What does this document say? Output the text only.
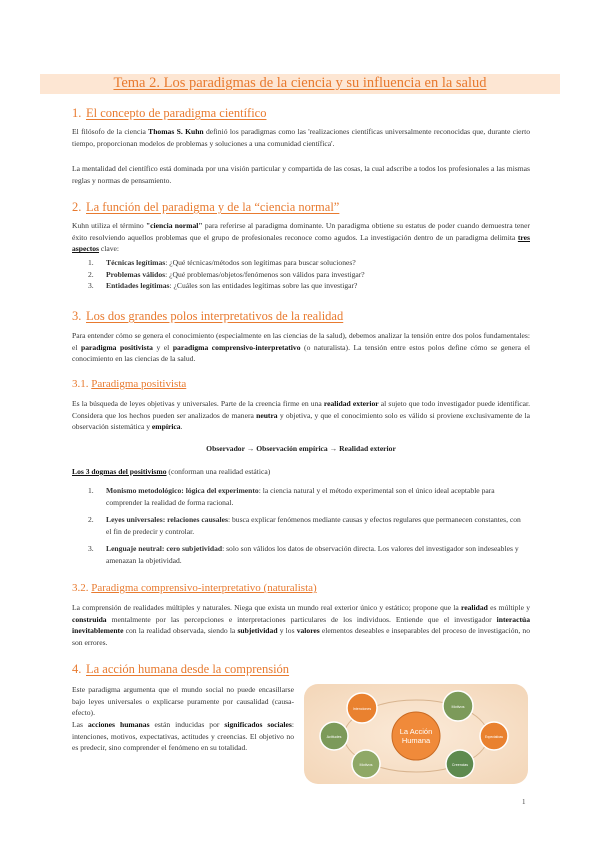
Tema 2. Los paradigmas de la ciencia y su influencia en la salud
1. El concepto de paradigma científico
El filósofo de la ciencia Thomas S. Kuhn definió los paradigmas como las 'realizaciones científicas universalmente reconocidas que, durante cierto tiempo, proporcionan modelos de problemas y soluciones a una comunidad científica'.
La mentalidad del científico está dominada por una visión particular y compartida de las cosas, la cual adscribe a todos los profesionales a las mismas reglas y normas de pensamiento.
2. La función del paradigma y de la “ciencia normal”
Kuhn utiliza el término "ciencia normal" para referirse al paradigma dominante. Un paradigma obtiene su estatus de poder cuando demuestra tener éxito resolviendo aquellos problemas que el grupo de profesionales reconoce como agudos. La investigación dentro de un paradigma delimita tres aspectos clave:
1. Técnicas legítimas: ¿Qué técnicas/métodos son legítimas para buscar soluciones?
2. Problemas válidos: ¿Qué problemas/objetos/fenómenos son válidos para investigar?
3. Entidades legítimas: ¿Cuáles son las entidades legítimas sobre las que investigar?
3. Los dos grandes polos interpretativos de la realidad
Para entender cómo se genera el conocimiento (especialmente en las ciencias de la salud), debemos analizar la tensión entre dos polos fundamentales: el paradigma positivista y el paradigma comprensivo-interpretativo (o naturalista). La tensión entre estos polos define cómo se genera el conocimiento en las ciencias de la salud.
3.1. Paradigma positivista
Es la búsqueda de leyes objetivas y universales. Parte de la creencia firme en una realidad exterior al sujeto que todo investigador puede identificar. Considera que los hechos pueden ser analizados de manera neutra y objetiva, y que el conocimiento solo es válido si proviene exclusivamente de la observación sistemática y empírica.
Observador → Observación empírica → Realidad exterior
Los 3 dogmas del positivismo (conforman una realidad estática)
1. Monismo metodológico: lógica del experimento: la ciencia natural y el método experimental son el único ideal aceptable para comprender la realidad de forma racional.
2. Leyes universales: relaciones causales: busca explicar fenómenos mediante causas y efectos regulares que permanecen constantes, con el fin de predecir y controlar.
3. Lenguaje neutral: cero subjetividad: solo son válidos los datos de observación directa. Los valores del investigador son indeseables y amenazan la objetividad.
3.2. Paradigma comprensivo-interpretativo (naturalista)
La comprensión de realidades múltiples y naturales. Niega que exista un mundo real exterior único y estático; propone que la realidad es múltiple y construida mentalmente por las percepciones e interpretaciones particulares de los individuos. Entiende que el investigador interactúa inevitablemente con la realidad observada, siendo la subjetividad y los valores elementos deseables e inseparables del proceso de investigación, no son errores.
4. La acción humana desde la comprensión
Este paradigma argumenta que el mundo social no puede encasillarse bajo leyes universales o explicarse puramente por causalidad (causa-efecto).
Las acciones humanas están inducidas por significados sociales: intenciones, motivos, expectativas, actitudes y creencias. El objetivo no es predecir, sino comprender el fenómeno en su totalidad.
La Acción
Humana
Intenciones	Motivos
Actitudes	Expectativas
Creencias
Motivos
1
